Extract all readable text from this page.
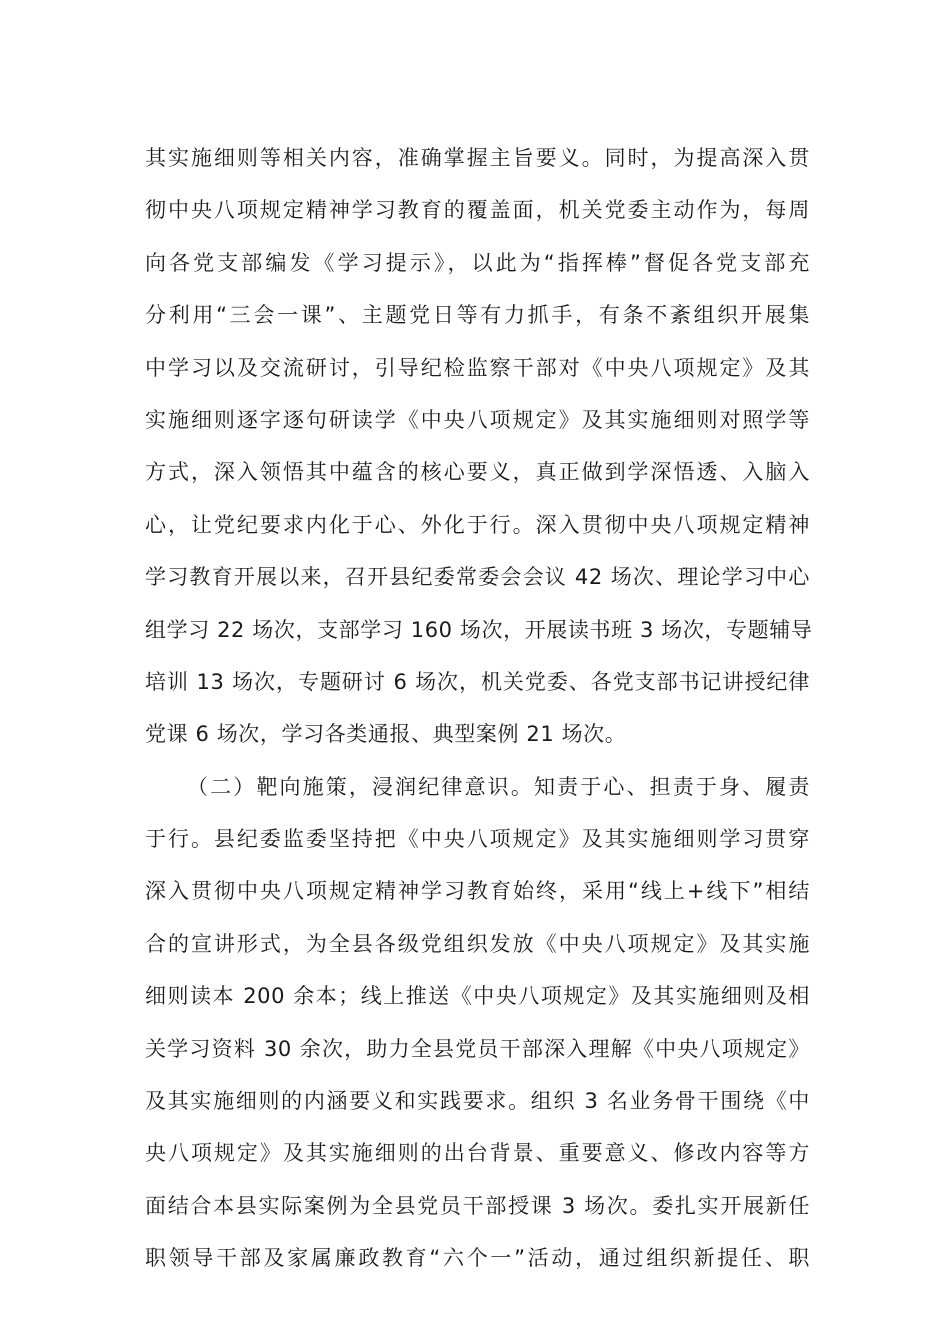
其实施细则等相关内容，准确掌握主旨要义。同时，为提高深入贯
彻中央八项规定精神学习教育的覆盖面，机关党委主动作为，每周
向各党支部编发《学习提示》，以此为“指挥棒”督促各党支部充
分利用“三会一课”、主题党日等有力抓手，有条不紊组织开展集
中学习以及交流研讨，引导纪检监察干部对《中央八项规定》及其
实施细则逐字逐句研读学《中央八项规定》及其实施细则对照学等
方式，深入领悟其中蕴含的核心要义，真正做到学深悟透、入脑入
心，让党纪要求内化于心、外化于行。深入贯彻中央八项规定精神
学习教育开展以来，召开县纪委常委会会议 42 场次、理论学习中心
组学习 22 场次，支部学习 160 场次，开展读书班 3 场次，专题辅导
培训 13 场次，专题研讨 6 场次，机关党委、各党支部书记讲授纪律
党课 6 场次，学习各类通报、典型案例 21 场次。
（二）靶向施策，浸润纪律意识。知责于心、担责于身、履责
于行。县纪委监委坚持把《中央八项规定》及其实施细则学习贯穿
深入贯彻中央八项规定精神学习教育始终，采用“线上+线下”相结
合的宣讲形式，为全县各级党组织发放《中央八项规定》及其实施
细则读本 200 余本；线上推送《中央八项规定》及其实施细则及相
关学习资料 30 余次，助力全县党员干部深入理解《中央八项规定》
及其实施细则的内涵要义和实践要求。组织 3 名业务骨干围绕《中
央八项规定》及其实施细则的出台背景、重要意义、修改内容等方
面结合本县实际案例为全县党员干部授课 3 场次。委扎实开展新任
职领导干部及家属廉政教育“六个一”活动，通过组织新提任、职
